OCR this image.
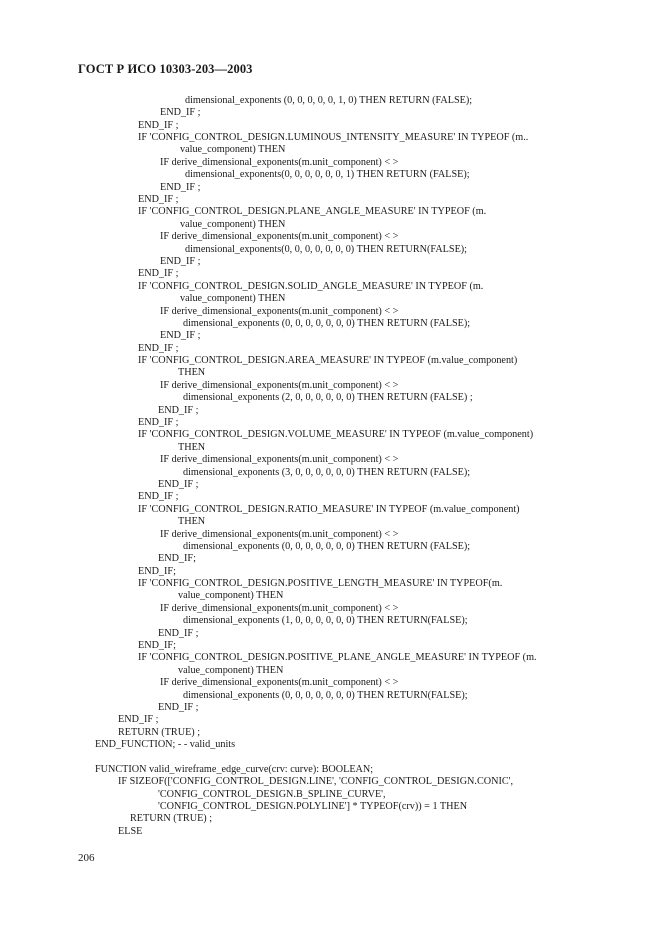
ГОСТ Р ИСО 10303-203—2003
dimensional_exponents (0, 0, 0, 0, 0, 1, 0) THEN RETURN (FALSE);
END_IF ;
END_IF ;
IF 'CONFIG_CONTROL_DESIGN.LUMINOUS_INTENSITY_MEASURE' IN TYPEOF (m..
value_component) THEN
IF derive_dimensional_exponents(m.unit_component) < >
dimensional_exponents(0, 0, 0, 0, 0, 0, 1) THEN RETURN (FALSE);
END_IF ;
END_IF ;
IF 'CONFIG_CONTROL_DESIGN.PLANE_ANGLE_MEASURE' IN TYPEOF (m.
value_component) THEN
IF derive_dimensional_exponents(m.unit_component) < >
dimensional_exponents(0, 0, 0, 0, 0, 0, 0) THEN RETURN(FALSE);
END_IF ;
END_IF ;
IF 'CONFIG_CONTROL_DESIGN.SOLID_ANGLE_MEASURE' IN TYPEOF (m.
value_component) THEN
IF derive_dimensional_exponents(m.unit_component) < >
dimensional_exponents (0, 0, 0, 0, 0, 0, 0) THEN RETURN (FALSE);
END_IF ;
END_IF ;
IF 'CONFIG_CONTROL_DESIGN.AREA_MEASURE' IN TYPEOF (m.value_component)
THEN
IF derive_dimensional_exponents(m.unit_component) < >
dimensional_exponents (2, 0, 0, 0, 0, 0, 0) THEN RETURN (FALSE) ;
END_IF ;
END_IF ;
IF 'CONFIG_CONTROL_DESIGN.VOLUME_MEASURE' IN TYPEOF (m.value_component)
THEN
IF derive_dimensional_exponents(m.unit_component) < >
dimensional_exponents (3, 0, 0, 0, 0, 0, 0) THEN RETURN (FALSE);
END_IF ;
END_IF ;
IF 'CONFIG_CONTROL_DESIGN.RATIO_MEASURE' IN TYPEOF (m.value_component)
THEN
IF derive_dimensional_exponents(m.unit_component) < >
dimensional_exponents (0, 0, 0, 0, 0, 0, 0) THEN RETURN (FALSE);
END_IF;
END_IF;
IF 'CONFIG_CONTROL_DESIGN.POSITIVE_LENGTH_MEASURE' IN TYPEOF(m.
value_component) THEN
IF derive_dimensional_exponents(m.unit_component) < >
dimensional_exponents (1, 0, 0, 0, 0, 0, 0) THEN RETURN(FALSE);
END_IF ;
END_IF;
IF 'CONFIG_CONTROL_DESIGN.POSITIVE_PLANE_ANGLE_MEASURE' IN TYPEOF (m.
value_component) THEN
IF derive_dimensional_exponents(m.unit_component) < >
dimensional_exponents (0, 0, 0, 0, 0, 0, 0) THEN RETURN(FALSE);
END_IF ;
END_IF ;
RETURN (TRUE) ;
END_FUNCTION; - - valid_units
FUNCTION valid_wireframe_edge_curve(crv: curve): BOOLEAN;
IF SIZEOF(['CONFIG_CONTROL_DESIGN.LINE', 'CONFIG_CONTROL_DESIGN.CONIC',
'CONFIG_CONTROL_DESIGN.B_SPLINE_CURVE',
'CONFIG_CONTROL_DESIGN.POLYLINE'] * TYPEOF(crv)) = 1 THEN
RETURN (TRUE) ;
ELSE
206
